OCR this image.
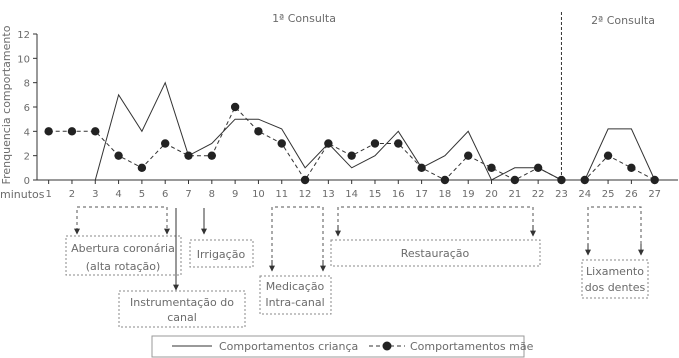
Frenquencia comportamento
1ª Consulta	2ª Consulta
0
2
4
6
8
10
12
1 2 3 4 5 6 7 8 9 10 11 12 13 14 15 16 17 18 19 20 21 22 23 24 25 26 27
minutos
Abertura coronária
(alta rotação)
Instrumentação do
canal
Irrigação
Medicação
Intra-canal
Restauração
Lixamento
dos dentes
Comportamentos criança	Comportamentos mãe
